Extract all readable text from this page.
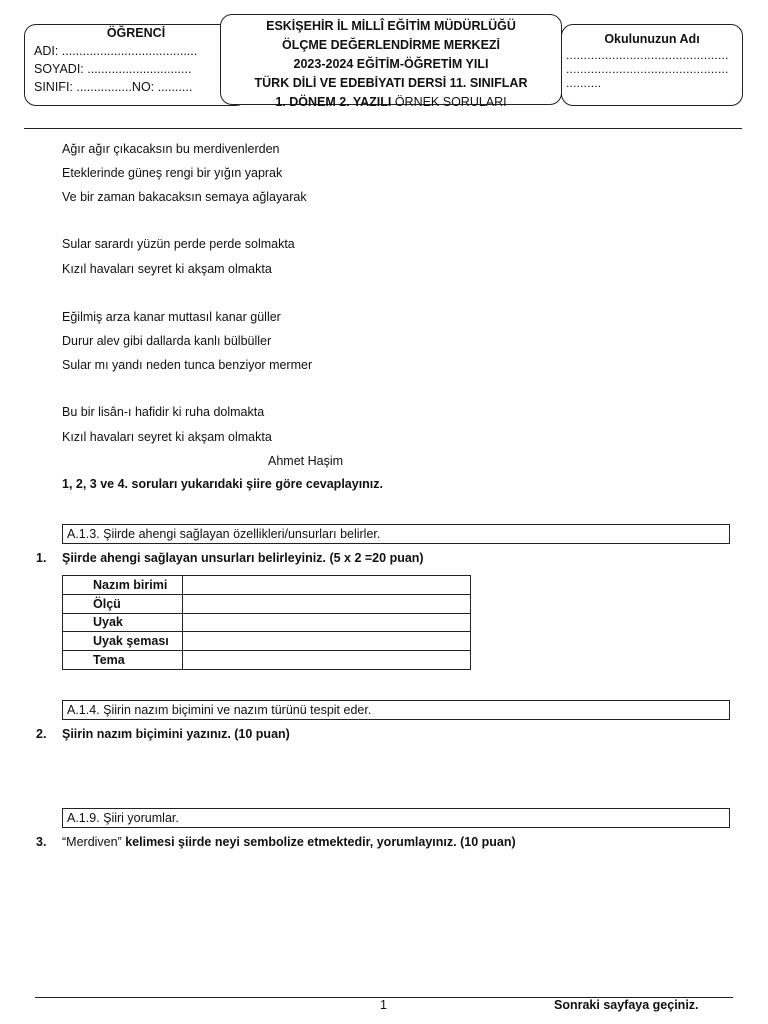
ÖĞRENCİ
ADI: .......................................
SOYADI: ..............................
SINIFI: ................NO: ..........
Okulunuzun Adı
..............................................
..............................................
..........
ESKİŞEHİR İL MİLLÎ EĞİTİM MÜDÜRLÜĞÜ
ÖLÇME DEĞERLENDİRME MERKEZİ
2023-2024 EĞİTİM-ÖĞRETİM YILI
TÜRK DİLİ VE EDEBİYATI DERSİ 11. SINIFLAR
1. DÖNEM 2. YAZILI ÖRNEK SORULARI
Ağır ağır çıkacaksın bu merdivenlerden
Eteklerinde güneş rengi bir yığın yaprak
Ve bir zaman bakacaksın semaya ağlayarak
Sular sarardı yüzün perde perde solmakta
Kızıl havaları seyret ki akşam olmakta
Eğilmiş arza kanar muttasıl kanar güller
Durur alev gibi dallarda kanlı bülbüller
Sular mı yandı neden tunca benziyor mermer
Bu bir lisân-ı hafidir ki ruha dolmakta
Kızıl havaları seyret ki akşam olmakta
Ahmet Haşim
1, 2, 3 ve 4. soruları yukarıdaki şiire göre cevaplayınız.
A.1.3. Şiirde ahengi sağlayan özellikleri/unsurları belirler.
1. Şiirde ahengi sağlayan unsurları belirleyiniz. (5 x 2 =20 puan)
Nazım birimi	
Ölçü	
Uyak	
Uyak şeması	
Tema	
A.1.4. Şiirin nazım biçimini ve nazım türünü tespit eder.
2. Şiirin nazım biçimini yazınız. (10 puan)
A.1.9. Şiiri yorumlar.
3. “Merdiven” kelimesi şiirde neyi sembolize etmektedir, yorumlayınız. (10 puan)
1	Sonraki sayfaya geçiniz.
